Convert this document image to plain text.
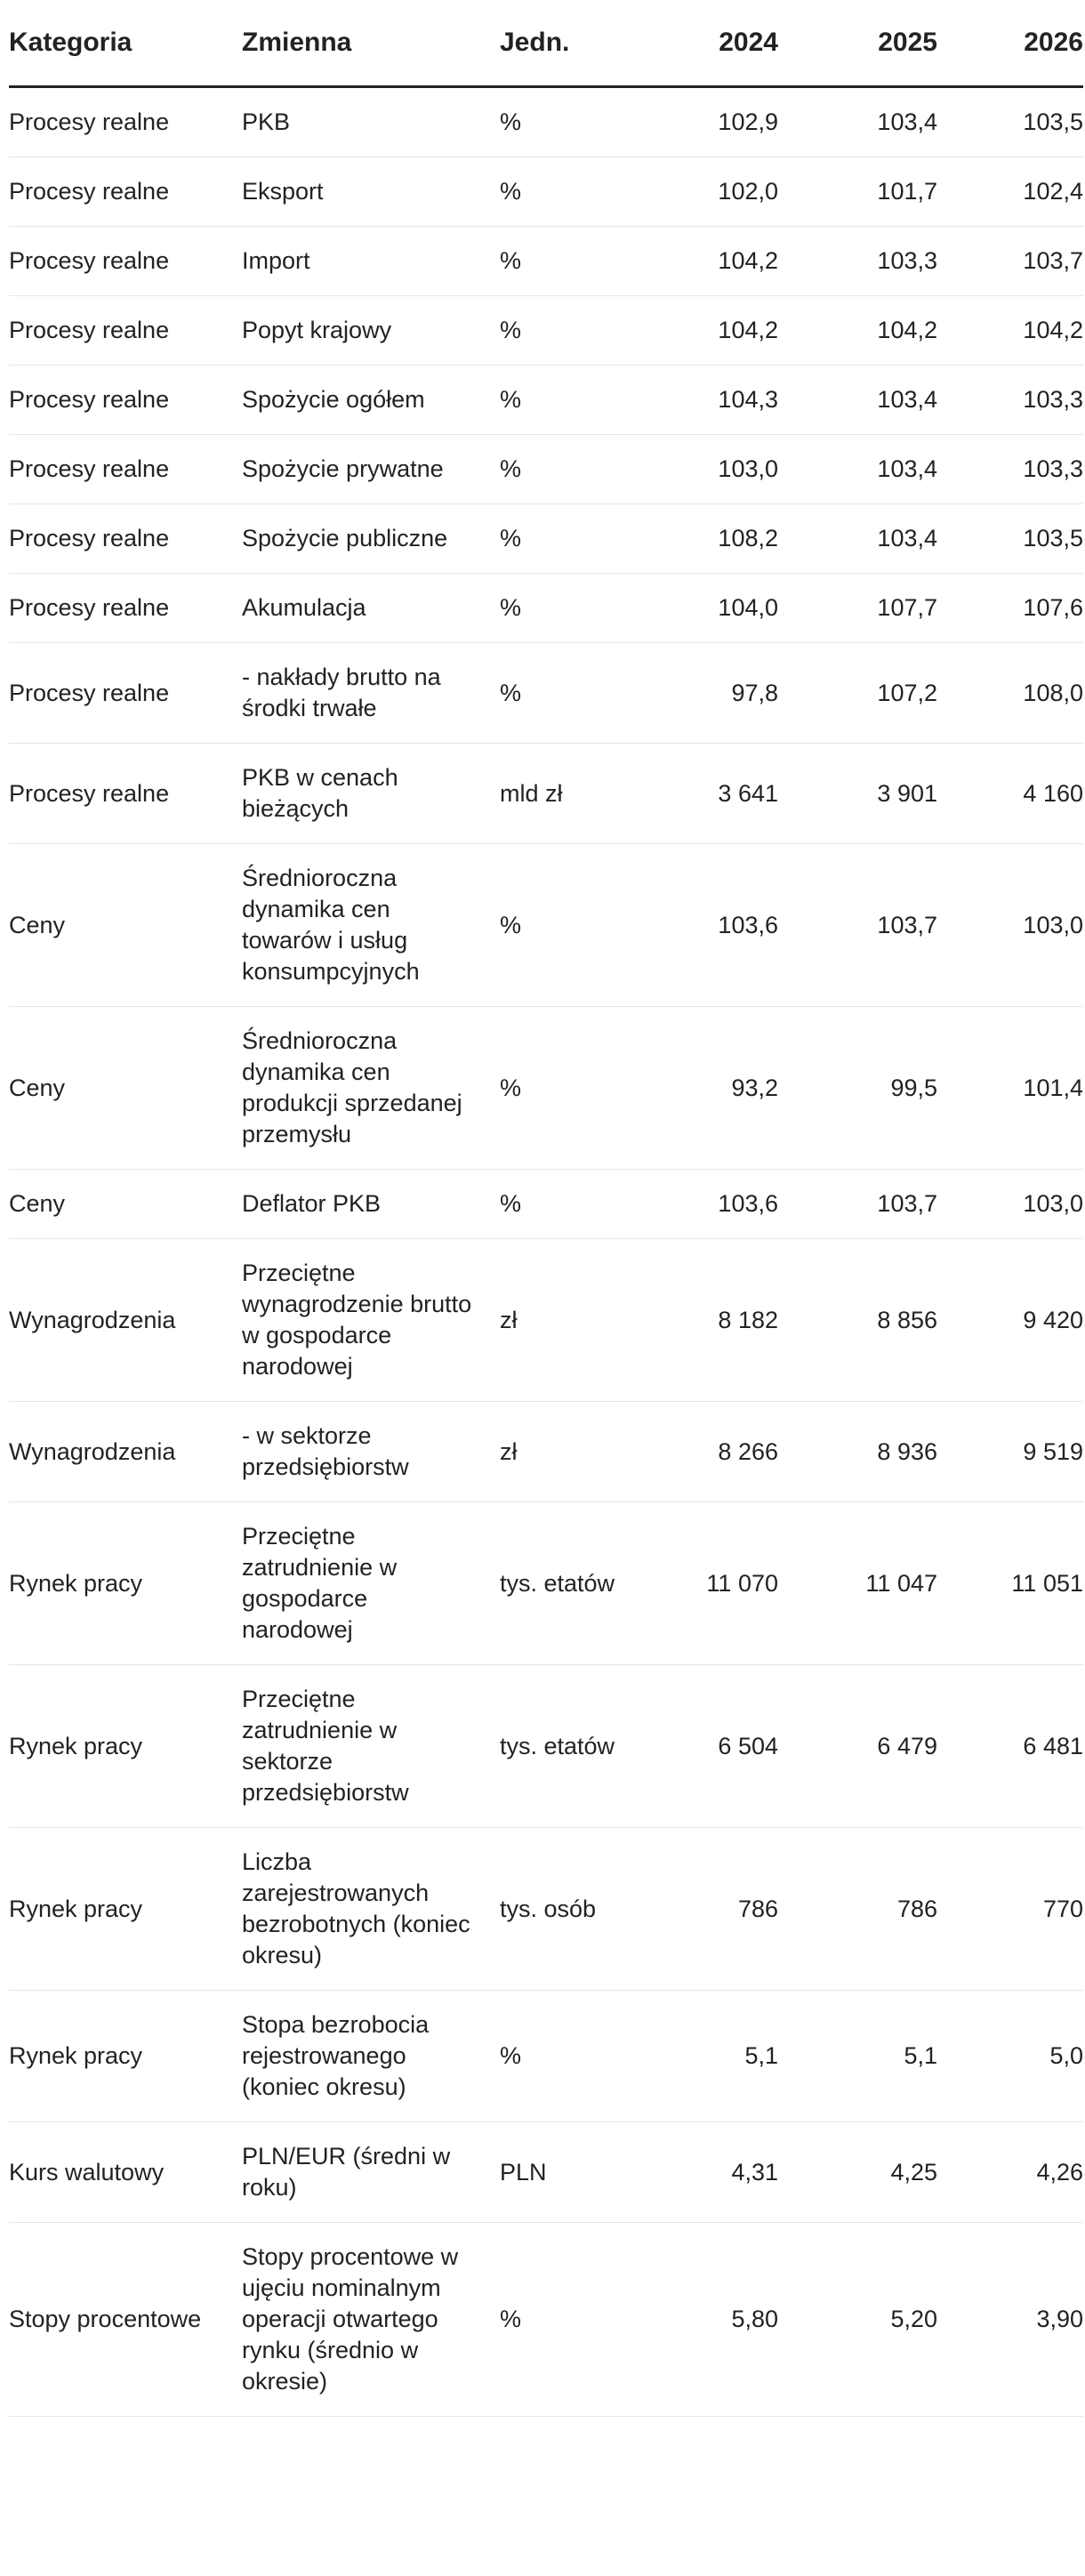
Kategoria	Zmienna	Jedn.	2024	2025	2026
Procesy realne	PKB	%	102,9	103,4	103,5
Procesy realne	Eksport	%	102,0	101,7	102,4
Procesy realne	Import	%	104,2	103,3	103,7
Procesy realne	Popyt krajowy	%	104,2	104,2	104,2
Procesy realne	Spożycie ogółem	%	104,3	103,4	103,3
Procesy realne	Spożycie prywatne	%	103,0	103,4	103,3
Procesy realne	Spożycie publiczne	%	108,2	103,4	103,5
Procesy realne	Akumulacja	%	104,0	107,7	107,6
Procesy realne	- nakłady brutto na środki trwałe	%	97,8	107,2	108,0
Procesy realne	PKB w cenach bieżących	mld zł	3 641	3 901	4 160
Ceny	Średnioroczna dynamika cen towarów i usług konsumpcyjnych	%	103,6	103,7	103,0
Ceny	Średnioroczna dynamika cen produkcji sprzedanej przemysłu	%	93,2	99,5	101,4
Ceny	Deflator PKB	%	103,6	103,7	103,0
Wynagrodzenia	Przeciętne wynagrodzenie brutto w gospodarce narodowej	zł	8 182	8 856	9 420
Wynagrodzenia	- w sektorze przedsiębiorstw	zł	8 266	8 936	9 519
Rynek pracy	Przeciętne zatrudnienie w gospodarce narodowej	tys. etatów	11 070	11 047	11 051
Rynek pracy	Przeciętne zatrudnienie w sektorze przedsiębiorstw	tys. etatów	6 504	6 479	6 481
Rynek pracy	Liczba zarejestrowanych bezrobotnych (koniec okresu)	tys. osób	786	786	770
Rynek pracy	Stopa bezrobocia rejestrowanego (koniec okresu)	%	5,1	5,1	5,0
Kurs walutowy	PLN/EUR (średni w roku)	PLN	4,31	4,25	4,26
Stopy procentowe	Stopy procentowe w ujęciu nominalnym operacji otwartego rynku (średnio w okresie)	%	5,80	5,20	3,90
